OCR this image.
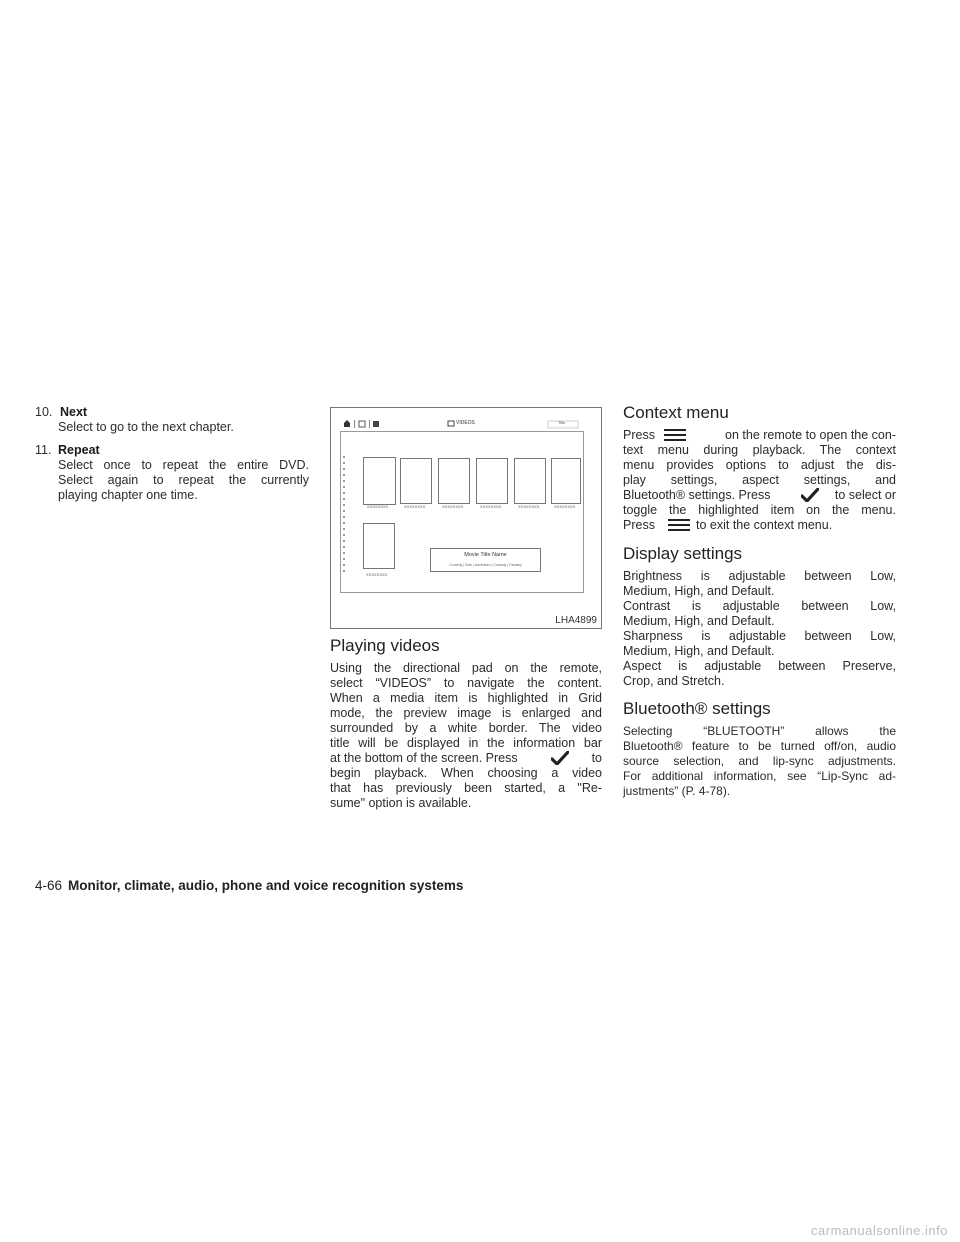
10. Next
Select to go to the next chapter.
11. Repeat
Select once to repeat the entire DVD.
Select again to repeat the currently
playing chapter one time.
VIDEOS	Title
XXXXXXXX	XXXXXXXX	XXXXXXXX	XXXXXXXX	XXXXXXXX	XXXXXXXX
XXXXXXXX
Movie Title Name
Comedy | Kids | Adventure | Comedy | Fantasy
LHA4899
Playing videos
Using the directional pad on the remote,
select “VIDEOS” to navigate the content.
When a media item is highlighted in Grid
mode, the preview image is enlarged and
surrounded by a white border. The video
title will be displayed in the information bar
at the bottom of the screen. Press	to
begin playback. When choosing a video
that has previously been started, a "Re-
sume" option is available.
Context menu
Press	on the remote to open the con-
text menu during playback. The context
menu provides options to adjust the dis-
play settings, aspect settings, and
Bluetooth® settings. Press	to select or
toggle the highlighted item on the menu.
Press	to exit the context menu.
Display settings
Brightness is adjustable between Low,
Medium, High, and Default.
Contrast is adjustable between Low,
Medium, High, and Default.
Sharpness is adjustable between Low,
Medium, High, and Default.
Aspect is adjustable between Preserve,
Crop, and Stretch.
Bluetooth® settings
Selecting “BLUETOOTH” allows the
Bluetooth® feature to be turned off/on, audio
source selection, and lip-sync adjustments.
For additional information, see “Lip-Sync ad-
justments” (P. 4-78).
4-66 Monitor, climate, audio, phone and voice recognition systems
carmanualsonline.info
